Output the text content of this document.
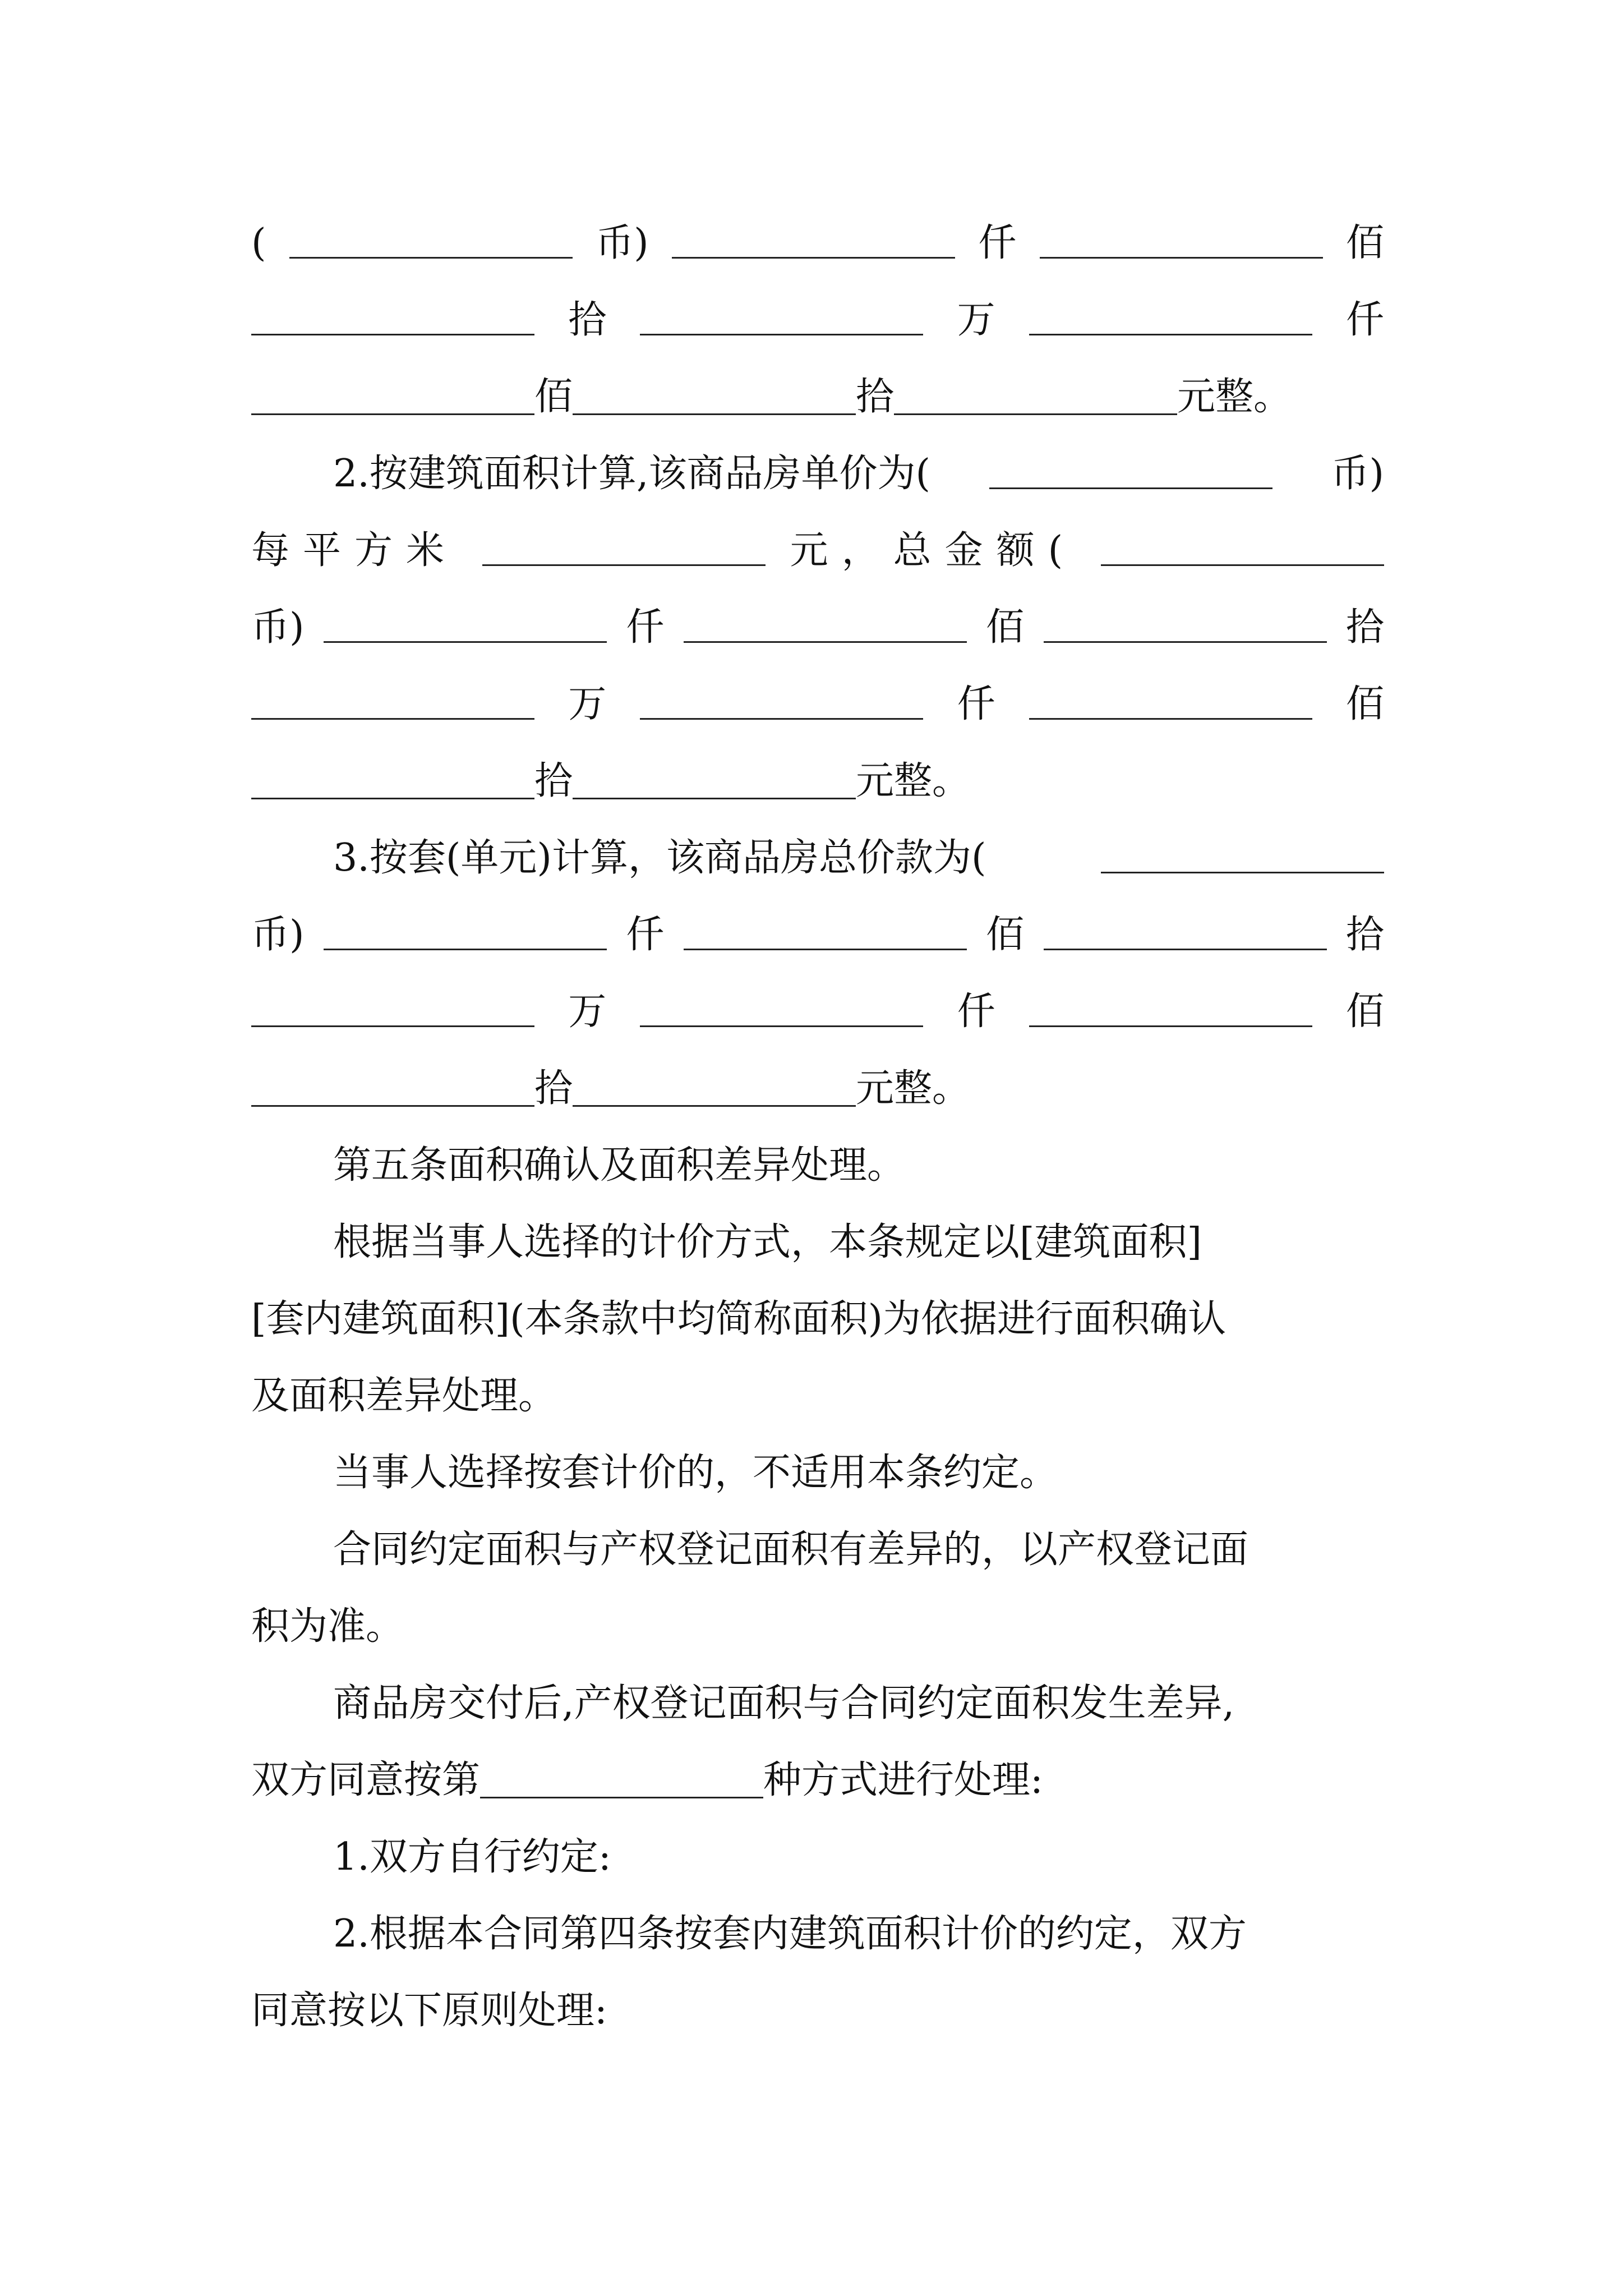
(	币)	仟	佰
拾	万	仟
佰	拾	元整。
2.按建筑面积计算,该商品房单价为(	币)
每平方米	元，总金额(
币)	仟	佰	拾
万	仟	佰
拾	元整。
3.按套(单元)计算，该商品房总价款为(
币)	仟	佰	拾
万	仟	佰
拾	元整。
第五条面积确认及面积差异处理。
根据当事人选择的计价方式，本条规定以[建筑面积]
[套内建筑面积](本条款中均简称面积)为依据进行面积确认
及面积差异处理。
当事人选择按套计价的，不适用本条约定。
合同约定面积与产权登记面积有差异的，以产权登记面
积为准。
商品房交付后,产权登记面积与合同约定面积发生差异,
双方同意按第	种方式进行处理:
1.双方自行约定:
2.根据本合同第四条按套内建筑面积计价的约定，双方
同意按以下原则处理:
